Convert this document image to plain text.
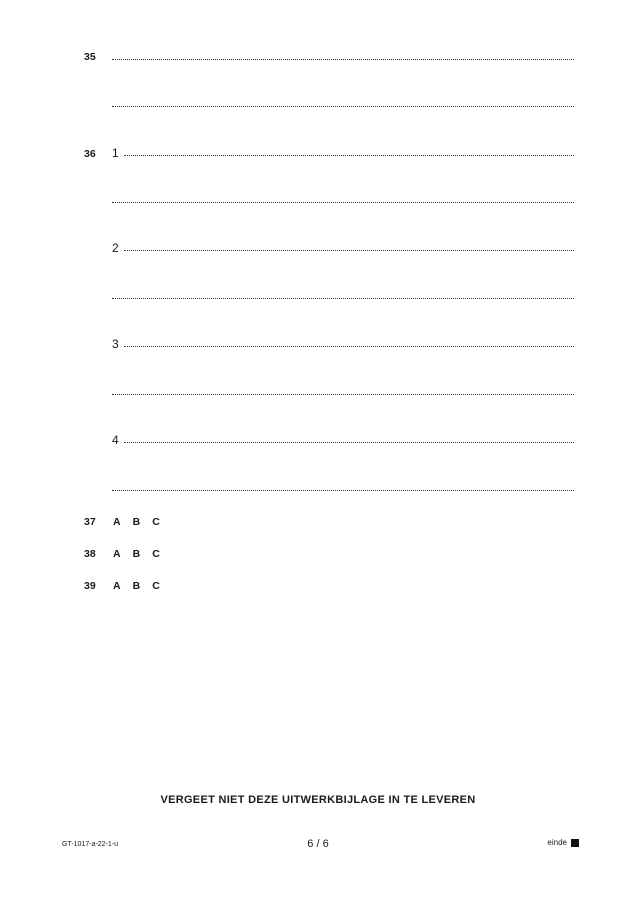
35
36 1
2
3
4
37 A B C
38 A B C
39 A B C
VERGEET NIET DEZE UITWERKBIJLAGE IN TE LEVEREN
GT-1017-a-22-1-u	6 / 6	einde
